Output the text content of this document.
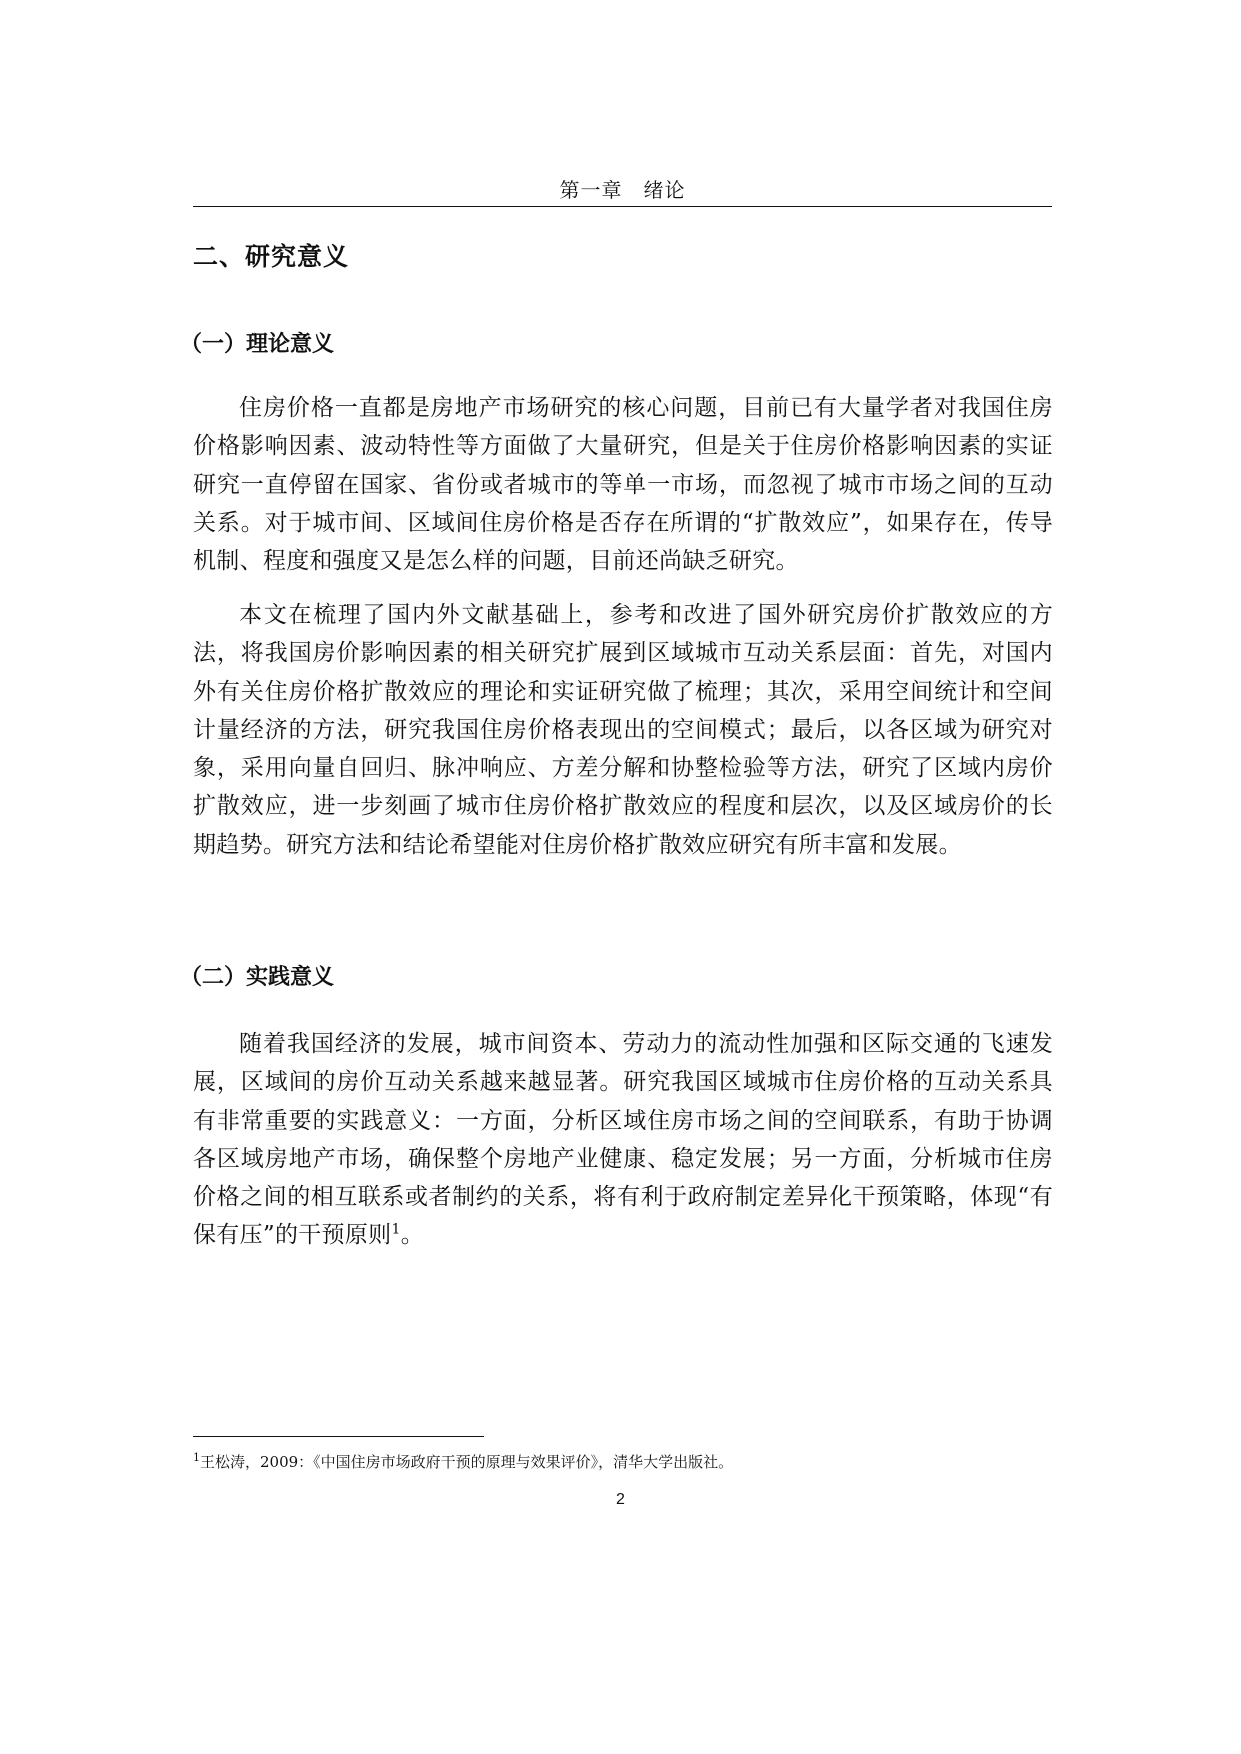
第一章　绪论
二、研究意义
（一）理论意义

住房价格一直都是房地产市场研究的核心问题，目前已有大量学者对我国住房价格影响因素、波动特性等方面做了大量研究，但是关于住房价格影响因素的实证研究一直停留在国家、省份或者城市的等单一市场，而忽视了城市市场之间的互动关系。对于城市间、区域间住房价格是否存在所谓的“扩散效应”，如果存在，传导机制、程度和强度又是怎么样的问题，目前还尚缺乏研究。

本文在梳理了国内外文献基础上，参考和改进了国外研究房价扩散效应的方法，将我国房价影响因素的相关研究扩展到区域城市互动关系层面：首先，对国内外有关住房价格扩散效应的理论和实证研究做了梳理；其次，采用空间统计和空间计量经济的方法，研究我国住房价格表现出的空间模式；最后，以各区域为研究对象，采用向量自回归、脉冲响应、方差分解和协整检验等方法，研究了区域内房价扩散效应，进一步刻画了城市住房价格扩散效应的程度和层次，以及区域房价的长期趋势。研究方法和结论希望能对住房价格扩散效应研究有所丰富和发展。

（二）实践意义

随着我国经济的发展，城市间资本、劳动力的流动性加强和区际交通的飞速发展，区域间的房价互动关系越来越显著。研究我国区域城市住房价格的互动关系具有非常重要的实践意义：一方面，分析区域住房市场之间的空间联系，有助于协调各区域房地产市场，确保整个房地产业健康、稳定发展；另一方面，分析城市住房价格之间的相互联系或者制约的关系，将有利于政府制定差异化干预策略，体现“有保有压”的干预原则$^1$。

$^1$王松涛，2009：《中国住房市场政府干预的原理与效果评价》，清华大学出版社。
2
